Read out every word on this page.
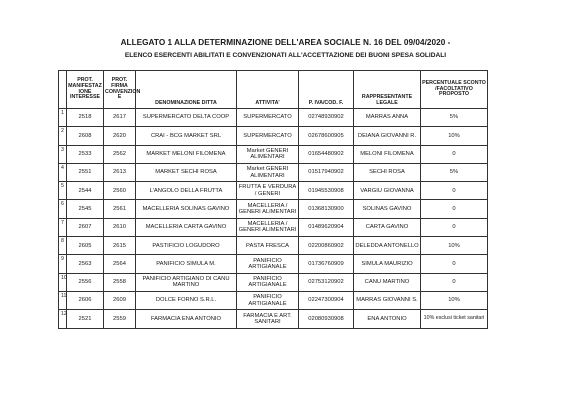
ALLEGATO 1 ALLA DETERMINAZIONE DELL'AREA SOCIALE N. 16 DEL 09/04/2020 -
ELENCO ESERCENTI ABILITATI E CONVENZIONATI ALL'ACCETTAZIONE DEI BUONI SPESA SOLIDALI
	PROT. MANIFESTAZ IONE INTERESSE	PROT. FIRMA CONVENZION E	DENOMINAZIONE DITTA	ATTIVITA'	P. IVA/COD. F.	RAPPRESENTANTE LEGALE	PERCENTUALE SCONTO /FACOLTATIVO PROPOSTO
1	2518	2617	SUPERMERCATO DELTA COOP	SUPERMERCATO	02748930902	MARRAS ANNA	5%
2	2608	2620	CRAI - BCG MARKET SRL	SUPERMERCATO	02678600905	DEIANA GIOVANNI R.	10%
3	2533	2562	MARKET MELONI FILOMENA	Market GENERI ALIMENTARI	01654480902	MELONI FILOMENA	0
4	2551	2613	MARKET SECHI ROSA	Market GENERI ALIMENTARI	01517940902	SECHI ROSA	5%
5	2544	2560	L'ANGOLO DELLA FRUTTA	FRUTTA E VERDURA / GENERI	01945530908	VARGIU GIOVANNA	0
6	2545	2561	MACELLERIA SOLINAS GAVINO	MACELLERIA / GENERI ALIMENTARI	01368130900	SOLINAS GAVINO	0
7	2607	2610	MACELLERIA CARTA GAVINO	MACELLERIA / GENERI ALIMENTARI	01489620904	CARTA GAVINO	0
8	2605	2615	PASTIFICIO LOGUDORO	PASTA FRESCA	02200860902	DELEDDA ANTONELLO	10%
9	2563	2564	PANIFICIO SIMULA M.	PANIFICIO ARTIGIANALE	01736760909	SIMULA MAURIZIO	0
10	2556	2558	PANIFICIO ARTIGIANO DI CANU MARTINO	PANIFICIO ARTIGIANALE	02753120902	CANU MARTINO	0
11	2606	2609	DOLCE FORNO S.R.L.	PANIFICIO ARTIGIANALE	02247300904	MARRAS GIOVANNI S.	10%
12	2521	2559	FARMACIA ENA ANTONIO	FARMACIA E ART. SANITARI	02080930908	ENA ANTONIO	10% esclusi ticket sanitari
